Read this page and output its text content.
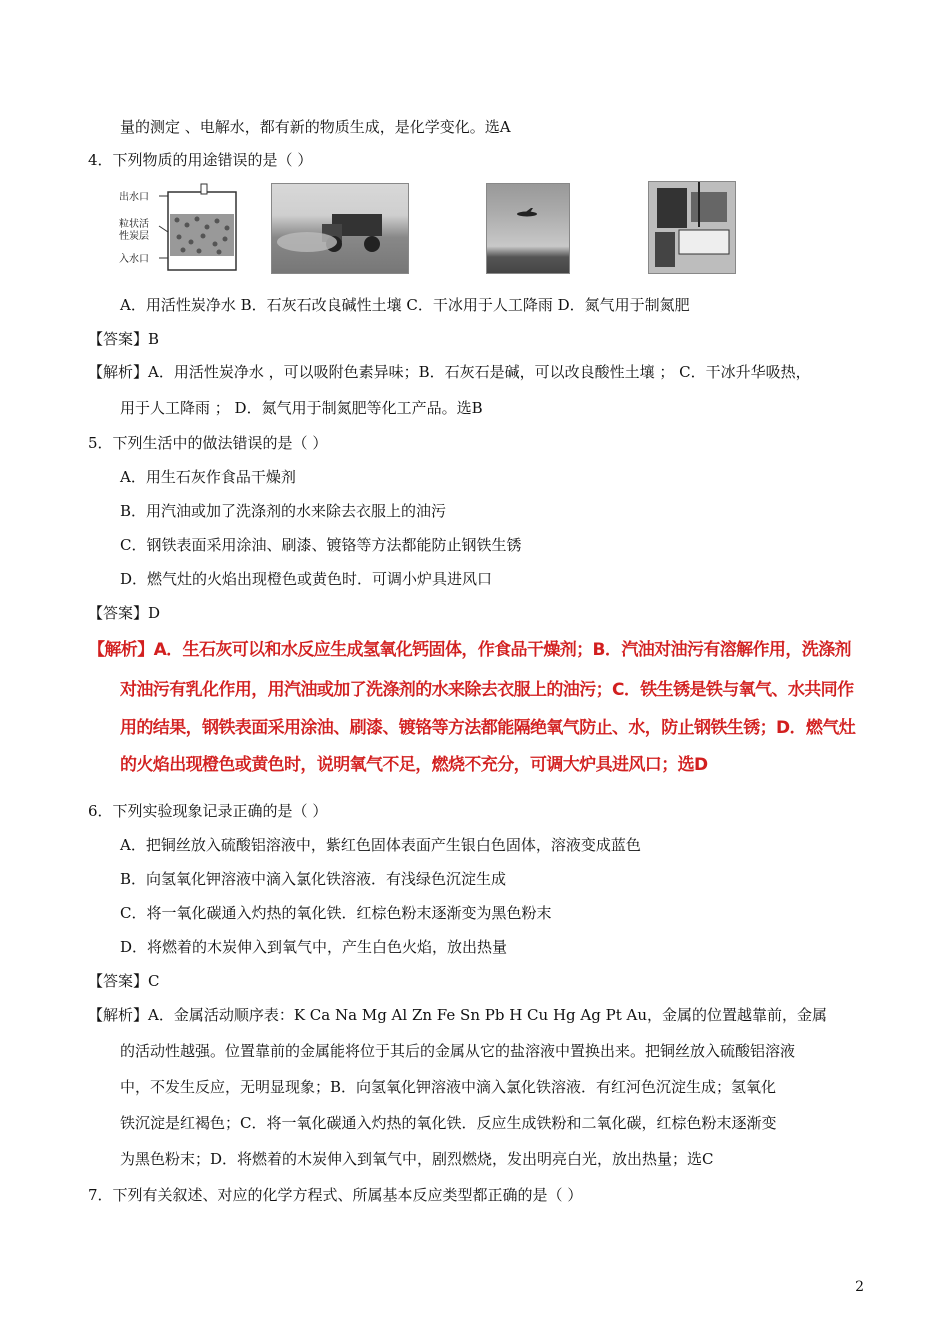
量的测定 、电解水，都有新的物质生成，是化学变化。选A
4．下列物质的用途错误的是（ ）
出水口
粒状活
性炭层
入水口
A．用活性炭净水 B．石灰石改良碱性土壤 C．干冰用于人工降雨 D．氮气用于制氮肥
【答案】B
【解析】A．用活性炭净水 ，可以吸附色素异味；B．石灰石是碱，可以改良酸性土壤 ； C．干冰升华吸热，
用于人工降雨 ； D．氮气用于制氮肥等化工产品。选B
5．下列生活中的做法错误的是（ ）
A．用生石灰作食品干燥剂
B．用汽油或加了洗涤剂的水来除去衣服上的油污
C．钢铁表面采用涂油、刷漆、镀铬等方法都能防止钢铁生锈
D．燃气灶的火焰出现橙色或黄色时．可调小炉具进风口
【答案】D
【解析】A．生石灰可以和水反应生成氢氧化钙固体，作食品干燥剂；B．汽油对油污有溶解作用，洗涤剂
对油污有乳化作用，用汽油或加了洗涤剂的水来除去衣服上的油污；C．铁生锈是铁与氧气、水共同作
用的结果，钢铁表面采用涂油、刷漆、镀铬等方法都能隔绝氧气防止、水，防止钢铁生锈；D．燃气灶
的火焰出现橙色或黄色时，说明氧气不足，燃烧不充分，可调大炉具进风口；选D
6．下列实验现象记录正确的是（ ）
A．把铜丝放入硫酸铝溶液中，紫红色固体表面产生银白色固体，溶液变成蓝色
B．向氢氧化钾溶液中滴入氯化铁溶液．有浅绿色沉淀生成
C．将一氧化碳通入灼热的氧化铁．红棕色粉末逐渐变为黑色粉末
D．将燃着的木炭伸入到氧气中，产生白色火焰，放出热量
【答案】C
【解析】A．金属活动顺序表：K Ca Na Mg Al Zn Fe Sn Pb H Cu Hg Ag Pt Au，金属的位置越靠前，金属
的活动性越强。位置靠前的金属能将位于其后的金属从它的盐溶液中置换出来。把铜丝放入硫酸铝溶液
中，不发生反应，无明显现象；B．向氢氧化钾溶液中滴入氯化铁溶液．有红河色沉淀生成；氢氧化
铁沉淀是红褐色；C．将一氧化碳通入灼热的氧化铁．反应生成铁粉和二氧化碳，红棕色粉末逐渐变
为黑色粉末；D．将燃着的木炭伸入到氧气中，剧烈燃烧，发出明亮白光，放出热量；选C
7．下列有关叙述、对应的化学方程式、所属基本反应类型都正确的是（ ）
2
